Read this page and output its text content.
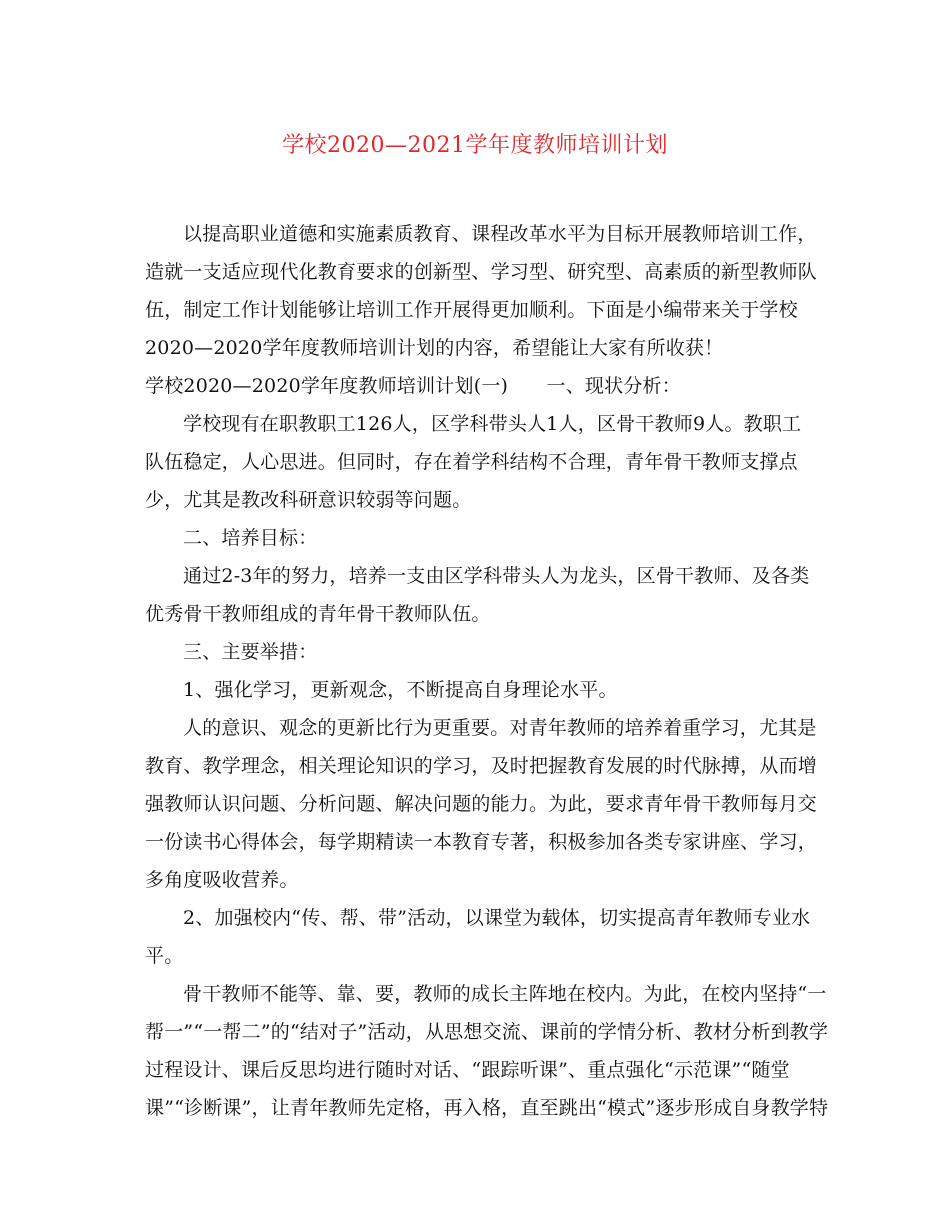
学校2020—2021学年度教师培训计划
以提高职业道德和实施素质教育、课程改革水平为目标开展教师培训工作，
造就一支适应现代化教育要求的创新型、学习型、研究型、高素质的新型教师队
伍，制定工作计划能够让培训工作开展得更加顺利。下面是小编带来关于学校
2020—2020学年度教师培训计划的内容，希望能让大家有所收获！
学校2020—2020学年度教师培训计划(一)　　一、现状分析：
学校现有在职教职工126人，区学科带头人1人，区骨干教师9人。教职工
队伍稳定，人心思进。但同时，存在着学科结构不合理，青年骨干教师支撑点
少，尤其是教改科研意识较弱等问题。
二、培养目标：
通过2-3年的努力，培养一支由区学科带头人为龙头，区骨干教师、及各类
优秀骨干教师组成的青年骨干教师队伍。
三、主要举措：
1、强化学习，更新观念，不断提高自身理论水平。
人的意识、观念的更新比行为更重要。对青年教师的培养着重学习，尤其是
教育、教学理念，相关理论知识的学习，及时把握教育发展的时代脉搏，从而增
强教师认识问题、分析问题、解决问题的能力。为此，要求青年骨干教师每月交
一份读书心得体会，每学期精读一本教育专著，积极参加各类专家讲座、学习，
多角度吸收营养。
2、加强校内“传、帮、带”活动，以课堂为载体，切实提高青年教师专业水
平。
骨干教师不能等、靠、要，教师的成长主阵地在校内。为此，在校内坚持“一
帮一”“一帮二”的“结对子”活动，从思想交流、课前的学情分析、教材分析到教学
过程设计、课后反思均进行随时对话、“跟踪听课”、重点强化“示范课”“随堂
课”“诊断课”，让青年教师先定格，再入格，直至跳出“模式”逐步形成自身教学特
